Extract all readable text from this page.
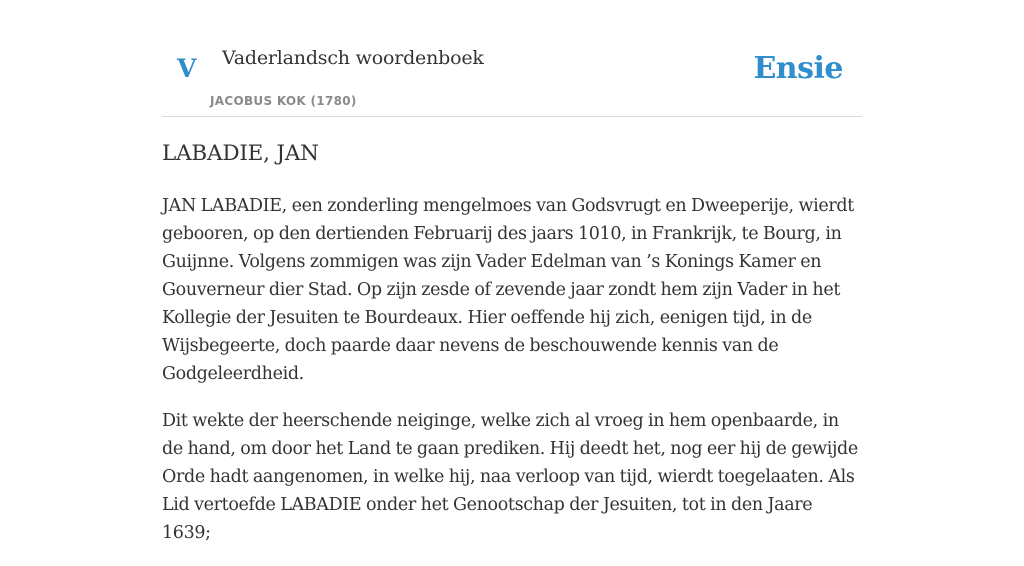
V Vaderlandsch woordenboek
JACOBUS KOK (1780)
Ensie
LABADIE, JAN

JAN LABADIE, een zonderling mengelmoes van Godsvrugt en Dweeperije, wierdt gebooren, op den dertienden Februarij des jaars 1010, in Frankrijk, te Bourg, in Guijnne. Volgens zommigen was zijn Vader Edelman van ’s Konings Kamer en Gouverneur dier Stad. Op zijn zesde of zevende jaar zondt hem zijn Vader in het Kollegie der Jesuiten te Bourdeaux. Hier oeffende hij zich, eenigen tijd, in de Wijsbegeerte, doch paarde daar nevens de beschouwende kennis van de Godgeleerdheid.

Dit wekte der heerschende neiginge, welke zich al vroeg in hem openbaarde, in de hand, om door het Land te gaan prediken. Hij deedt het, nog eer hij de gewijde Orde hadt aangenomen, in welke hij, naa verloop van tijd, wierdt toegelaaten. Als Lid vertoefde LABADIE onder het Genootschap der Jesuiten, tot in den Jaare 1639;
